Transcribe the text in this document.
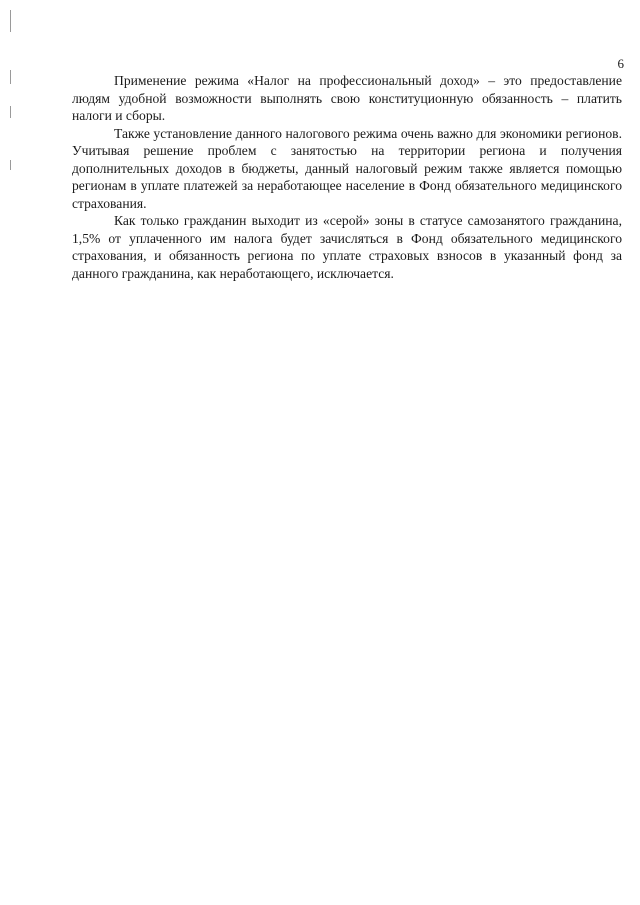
6

Применение режима «Налог на профессиональный доход» – это предоставление людям удобной возможности выполнять свою конституционную обязанность – платить налоги и сборы.

Также установление данного налогового режима очень важно для экономики регионов. Учитывая решение проблем с занятостью на территории региона и получения дополнительных доходов в бюджеты, данный налоговый режим также является помощью регионам в уплате платежей за неработающее население в Фонд обязательного медицинского страхования.

Как только гражданин выходит из «серой» зоны в статусе самозанятого гражданина, 1,5% от уплаченного им налога будет зачисляться в Фонд обязательного медицинского страхования, и обязанность региона по уплате страховых взносов в указанный фонд за данного гражданина, как неработающего, исключается.
